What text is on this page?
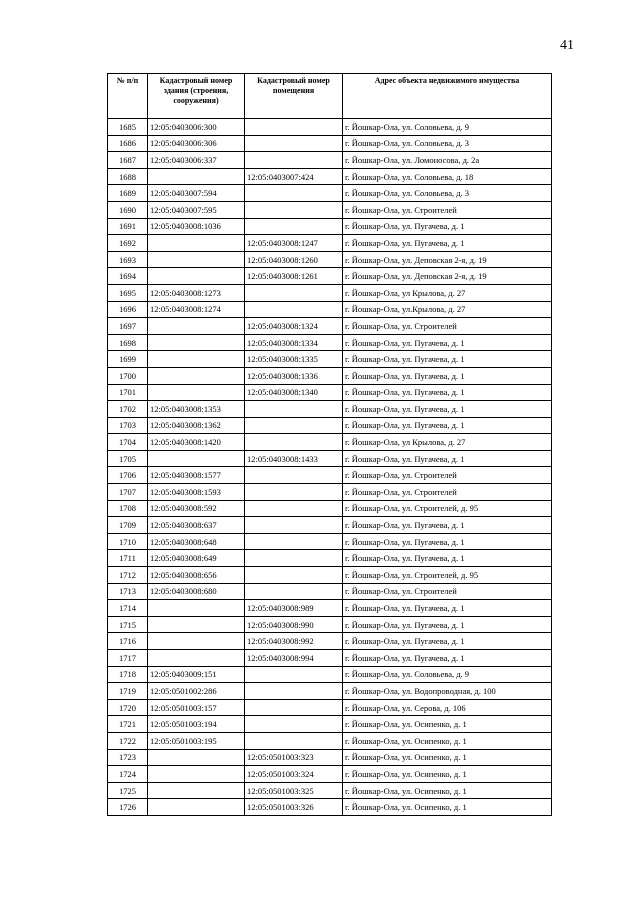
41
№ п/п	Кадастровый номер здания (строения, сооружения)	Кадастровый номер помещения	Адрес объекта недвижимого имущества
1685	12:05:0403006:300		г. Йошкар-Ола, ул. Соловьева, д. 9
1686	12:05:0403006:306		г. Йошкар-Ола, ул. Соловьева, д. 3
1687	12:05:0403006:337		г. Йошкар-Ола, ул. Ломоносова, д. 2а
1688		12:05:0403007:424	г. Йошкар-Ола, ул. Соловьева, д. 18
1689	12:05:0403007:594		г. Йошкар-Ола, ул. Соловьева, д. 3
1690	12:05:0403007:595		г. Йошкар-Ола, ул. Строителей
1691	12:05:0403008:1036		г. Йошкар-Ола, ул. Пугачева, д. 1
1692		12:05:0403008:1247	г. Йошкар-Ола, ул. Пугачева, д. 1
1693		12:05:0403008:1260	г. Йошкар-Ола, ул. Деповская 2-я, д. 19
1694		12:05:0403008:1261	г. Йошкар-Ола, ул. Деповская 2-я, д. 19
1695	12:05:0403008:1273		г. Йошкар-Ола, ул Крылова, д. 27
1696	12:05:0403008:1274		г. Йошкар-Ола, ул.Крылова, д. 27
1697		12:05:0403008:1324	г. Йошкар-Ола, ул. Строителей
1698		12:05:0403008:1334	г. Йошкар-Ола, ул. Пугачева, д. 1
1699		12:05:0403008:1335	г. Йошкар-Ола, ул. Пугачева, д. 1
1700		12:05:0403008:1336	г. Йошкар-Ола, ул. Пугачева, д. 1
1701		12:05:0403008:1340	г. Йошкар-Ола, ул. Пугачева, д. 1
1702	12:05:0403008:1353		г. Йошкар-Ола, ул. Пугачева, д. 1
1703	12:05:0403008:1362		г. Йошкар-Ола, ул. Пугачева, д. 1
1704	12:05:0403008:1420		г. Йошкар-Ола, ул Крылова, д. 27
1705		12:05:0403008:1433	г. Йошкар-Ола, ул. Пугачева, д. 1
1706	12:05:0403008:1577		г. Йошкар-Ола, ул. Строителей
1707	12:05:0403008:1593		г. Йошкар-Ола, ул. Строителей
1708	12:05:0403008:592		г. Йошкар-Ола, ул. Строителей, д. 95
1709	12:05:0403008:637		г. Йошкар-Ола, ул. Пугачева, д. 1
1710	12:05:0403008:648		г. Йошкар-Ола, ул. Пугачева, д. 1
1711	12:05:0403008:649		г. Йошкар-Ола, ул. Пугачева, д. 1
1712	12:05:0403008:656		г. Йошкар-Ола, ул. Строителей, д. 95
1713	12:05:0403008:680		г. Йошкар-Ола, ул. Строителей
1714		12:05:0403008:989	г. Йошкар-Ола, ул. Пугачева, д. 1
1715		12:05:0403008:990	г. Йошкар-Ола, ул. Пугачева, д. 1
1716		12:05:0403008:992	г. Йошкар-Ола, ул. Пугачева, д. 1
1717		12:05:0403008:994	г. Йошкар-Ола, ул. Пугачева, д. 1
1718	12:05:0403009:151		г. Йошкар-Ола, ул. Соловьева, д. 9
1719	12:05:0501002:286		г. Йошкар-Ола, ул. Водопроводная, д. 100
1720	12:05:0501003:157		г. Йошкар-Ола, ул. Серова, д. 106
1721	12:05:0501003:194		г. Йошкар-Ола, ул. Осипенко, д. 1
1722	12:05:0501003:195		г. Йошкар-Ола, ул. Осипенко, д. 1
1723		12:05:0501003:323	г. Йошкар-Ола, ул. Осипенко, д. 1
1724		12:05:0501003:324	г. Йошкар-Ола, ул. Осипенко, д. 1
1725		12:05:0501003:325	г. Йошкар-Ола, ул. Осипенко, д. 1
1726		12:05:0501003:326	г. Йошкар-Ола, ул. Осипенко, д. 1
